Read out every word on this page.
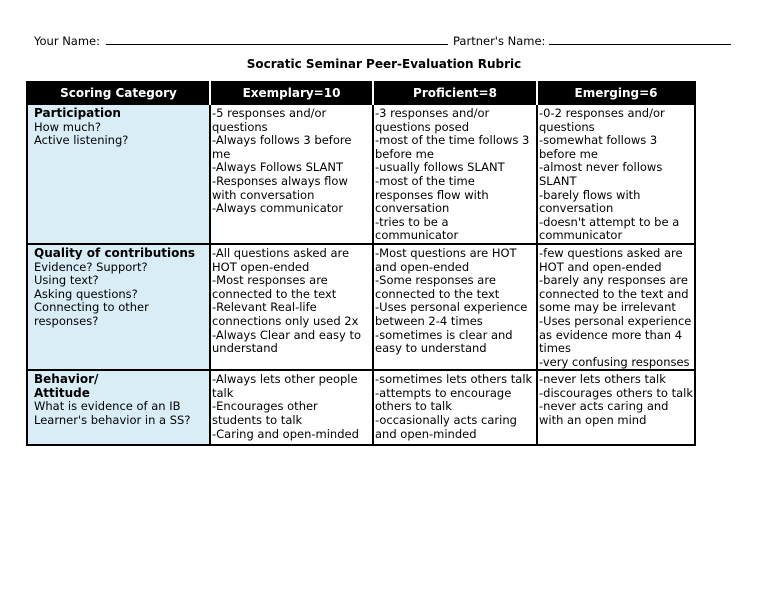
Your Name:	Partner's Name:
Socratic Seminar Peer-Evaluation Rubric
Scoring Category	Exemplary=10	Proficient=8	Emerging=6

Participation
How much?
Active listening?	-5 responses and/or questions
-Always follows 3 before me
-Always Follows SLANT
-Responses always flow with conversation
-Always communicator	-3 responses and/or questions posed
-most of the time follows 3 before me
-usually follows SLANT
-most of the time responses flow with conversation
-tries to be a communicator	-0-2 responses and/or questions
-somewhat follows 3 before me
-almost never follows SLANT
-barely flows with conversation
-doesn't attempt to be a communicator

Quality of contributions
Evidence? Support?
Using text?
Asking questions?
Connecting to other responses?	-All questions asked are HOT open-ended
-Most responses are connected to the text
-Relevant Real-life connections only used 2x
-Always Clear and easy to understand	-Most questions are HOT and open-ended
-Some responses are connected to the text
-Uses personal experience between 2-4 times
-sometimes is clear and easy to understand	-few questions asked are HOT and open-ended
-barely any responses are connected to the text and some may be irrelevant
-Uses personal experience as evidence more than 4 times
-very confusing responses

Behavior/
Attitude
What is evidence of an IB Learner's behavior in a SS?	-Always lets other people talk
-Encourages other students to talk
-Caring and open-minded	-sometimes lets others talk
-attempts to encourage others to talk
-occasionally acts caring and open-minded	-never lets others talk
-discourages others to talk
-never acts caring and with an open mind
